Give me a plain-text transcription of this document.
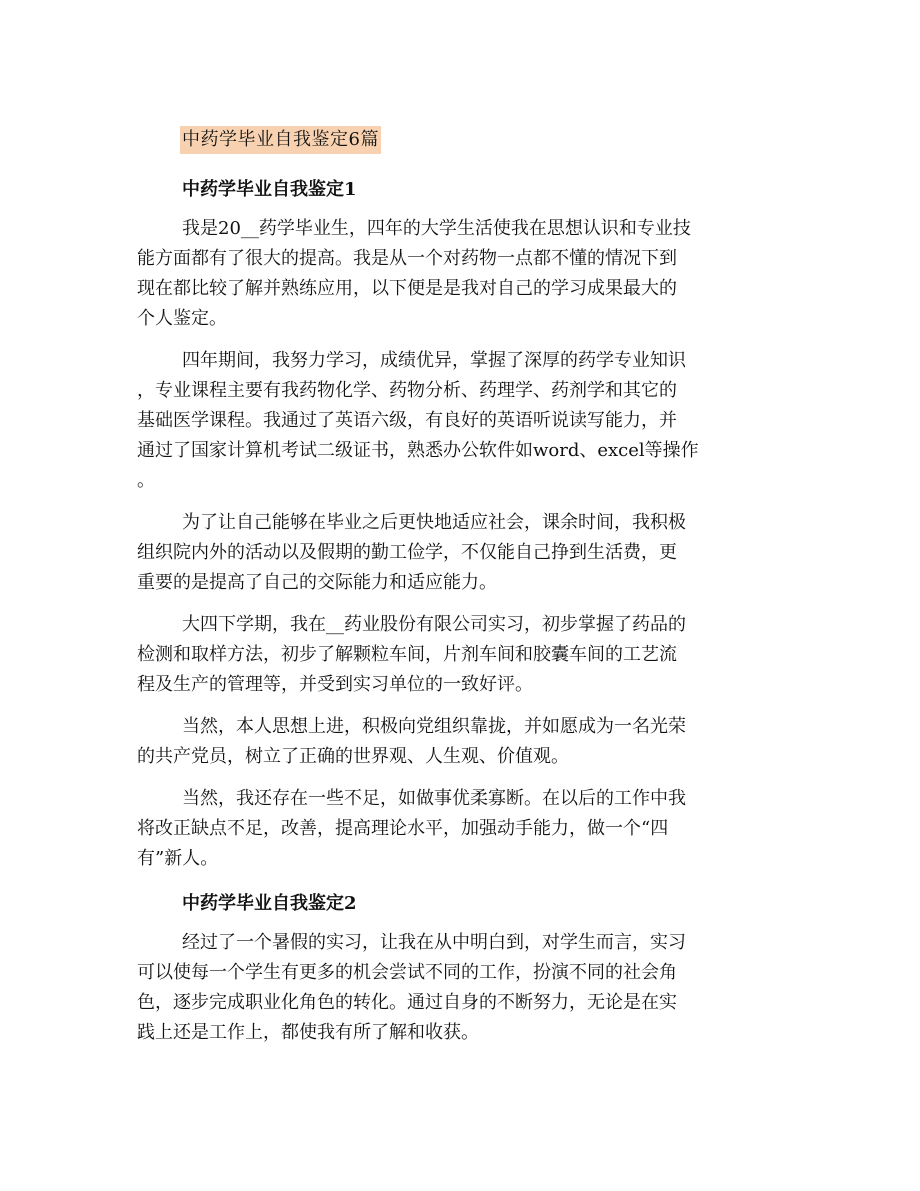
中药学毕业自我鉴定6篇
中药学毕业自我鉴定1

我是20__药学毕业生，四年的大学生活使我在思想认识和专业技
能方面都有了很大的提高。我是从一个对药物一点都不懂的情况下到
现在都比较了解并熟练应用，以下便是是我对自己的学习成果最大的
个人鉴定。

四年期间，我努力学习，成绩优异，掌握了深厚的药学专业知识
，专业课程主要有我药物化学、药物分析、药理学、药剂学和其它的
基础医学课程。我通过了英语六级，有良好的英语听说读写能力，并
通过了国家计算机考试二级证书，熟悉办公软件如word、excel等操作
。

为了让自己能够在毕业之后更快地适应社会，课余时间，我积极
组织院内外的活动以及假期的勤工俭学，不仅能自己挣到生活费，更
重要的是提高了自己的交际能力和适应能力。

大四下学期，我在__药业股份有限公司实习，初步掌握了药品的
检测和取样方法，初步了解颗粒车间，片剂车间和胶囊车间的工艺流
程及生产的管理等，并受到实习单位的一致好评。

当然，本人思想上进，积极向党组织靠拢，并如愿成为一名光荣
的共产党员，树立了正确的世界观、人生观、价值观。

当然，我还存在一些不足，如做事优柔寡断。在以后的工作中我
将改正缺点不足，改善，提高理论水平，加强动手能力，做一个“四
有”新人。

中药学毕业自我鉴定2

经过了一个暑假的实习，让我在从中明白到，对学生而言，实习
可以使每一个学生有更多的机会尝试不同的工作，扮演不同的社会角
色，逐步完成职业化角色的转化。通过自身的不断努力，无论是在实
践上还是工作上，都使我有所了解和收获。
